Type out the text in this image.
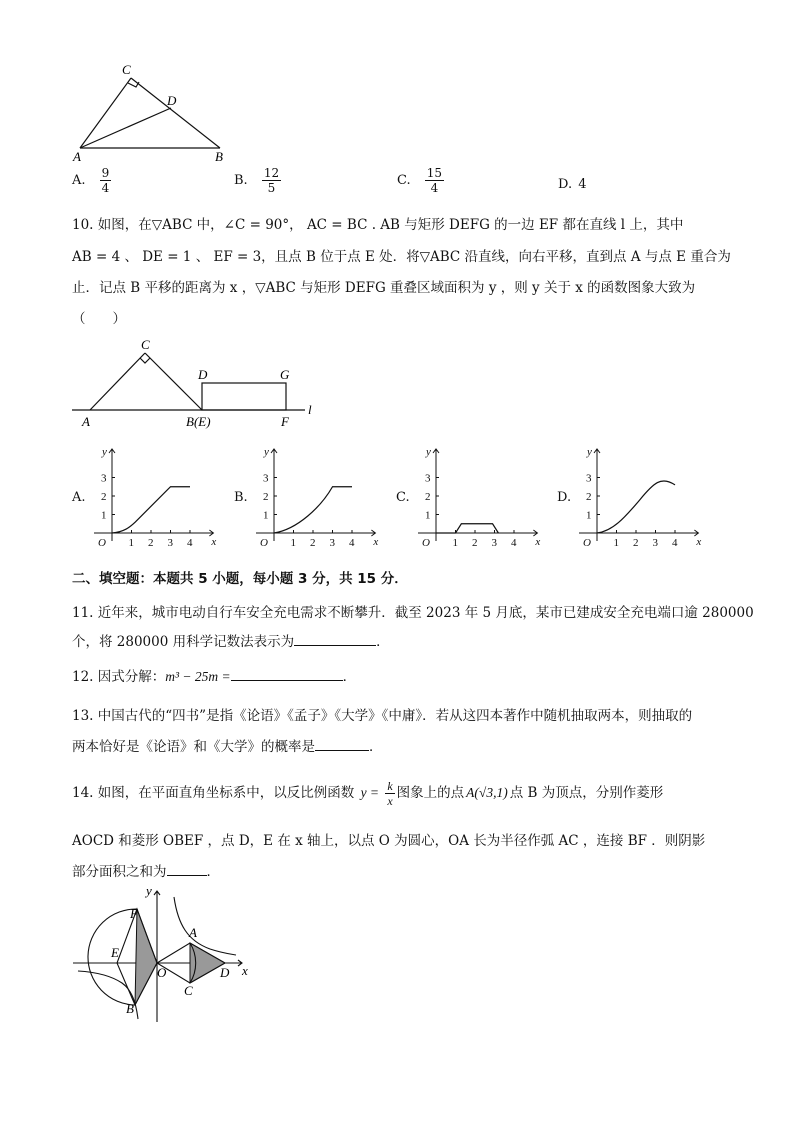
C
D
A	B
A. $\frac{9}{4}$	B. $\frac{12}{5}$	C. $\frac{15}{4}$	D. 4
10. 如图，在▽ABC 中，∠C = 90°， AC = BC . AB 与矩形 DEFG 的一边 EF 都在直线 l 上，其中
AB = 4 、 DE = 1 、 EF = 3，且点 B 位于点 E 处．将▽ABC 沿直线，向右平移，直到点 A 与点 E 重合为
止．记点 B 平移的距离为 x ，▽ABC 与矩形 DEFG 重叠区域面积为 y ，则 y 关于 x 的函数图象大致为
（　　）
C
D	G
A	B(E)	F
l
A.	B.	C.	D.
y
x
O 1 2 3 4
1
2
3
y
x
O 1 2 3 4
1
2
3
y
x
O 1 2 3 4
1
2
3
y
x
O 1 2 3 4
1
2
3
二、填空题：本题共 5 小题，每小题 3 分，共 15 分．
11. 近年来，城市电动自行车安全充电需求不断攀升．截至 2023 年 5 月底，某市已建成安全充电端口逾 280000
个，将 280000 用科学记数法表示为	．
12. 因式分解：m³ − 25m =	．
13. 中国古代的“四书”是指《论语》《孟子》《大学》《中庸》．若从这四本著作中随机抽取两本，则抽取的
两本恰好是《论语》和《大学》的概率是	．
14. 如图，在平面直角坐标系中，以反比例函数 $y = \frac{k}{x}$ 图象上的点 A(√3,1) 点 B 为顶点，分别作菱形
AOCD 和菱形 OBEF ，点 D，E 在 x 轴上，以点 O 为圆心，OA 长为半径作弧 AC ，连接 BF ．则阴影
部分面积之和为	．
y
x
F
E
O
B
A
C
D
